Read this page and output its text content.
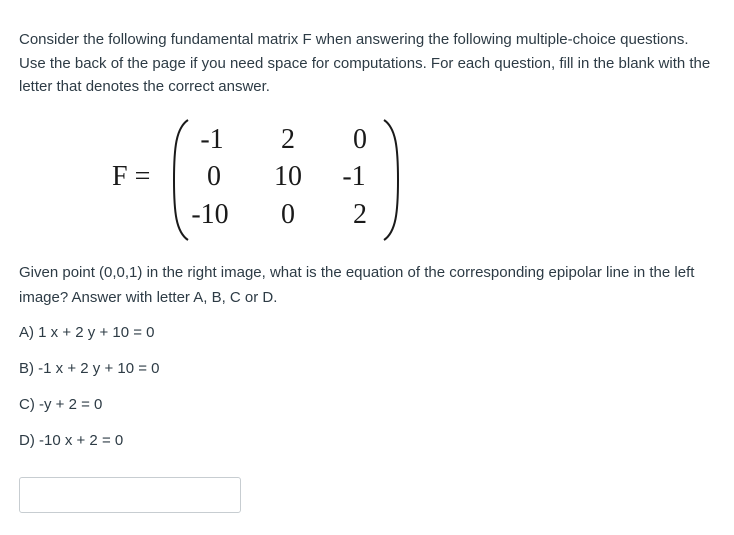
Consider the following fundamental matrix F when answering the following multiple-choice questions. Use the back of the page if you need space for computations. For each question, fill in the blank with the letter that denotes the correct answer.

F =
-1	2	0
0	10	-1
-10	0	2

Given point (0,0,1) in the right image, what is the equation of the corresponding epipolar line in the left image? Answer with letter A, B, C or D.

A) 1 x + 2 y + 10 = 0
B) -1 x + 2 y + 10 = 0
C) -y + 2 = 0
D) -10 x + 2 = 0
